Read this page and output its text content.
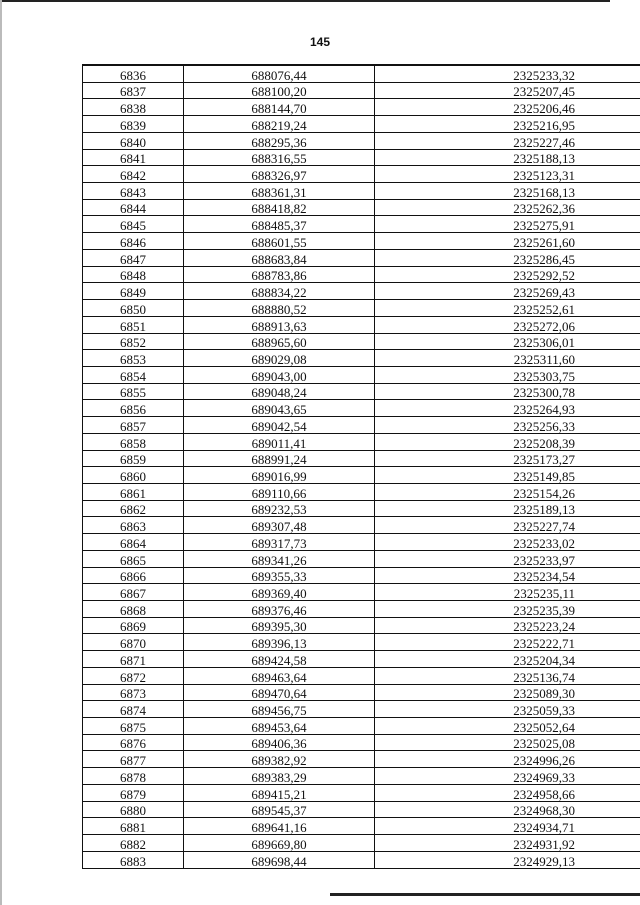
145
6836	688076,44	2325233,32
6837	688100,20	2325207,45
6838	688144,70	2325206,46
6839	688219,24	2325216,95
6840	688295,36	2325227,46
6841	688316,55	2325188,13
6842	688326,97	2325123,31
6843	688361,31	2325168,13
6844	688418,82	2325262,36
6845	688485,37	2325275,91
6846	688601,55	2325261,60
6847	688683,84	2325286,45
6848	688783,86	2325292,52
6849	688834,22	2325269,43
6850	688880,52	2325252,61
6851	688913,63	2325272,06
6852	688965,60	2325306,01
6853	689029,08	2325311,60
6854	689043,00	2325303,75
6855	689048,24	2325300,78
6856	689043,65	2325264,93
6857	689042,54	2325256,33
6858	689011,41	2325208,39
6859	688991,24	2325173,27
6860	689016,99	2325149,85
6861	689110,66	2325154,26
6862	689232,53	2325189,13
6863	689307,48	2325227,74
6864	689317,73	2325233,02
6865	689341,26	2325233,97
6866	689355,33	2325234,54
6867	689369,40	2325235,11
6868	689376,46	2325235,39
6869	689395,30	2325223,24
6870	689396,13	2325222,71
6871	689424,58	2325204,34
6872	689463,64	2325136,74
6873	689470,64	2325089,30
6874	689456,75	2325059,33
6875	689453,64	2325052,64
6876	689406,36	2325025,08
6877	689382,92	2324996,26
6878	689383,29	2324969,33
6879	689415,21	2324958,66
6880	689545,37	2324968,30
6881	689641,16	2324934,71
6882	689669,80	2324931,92
6883	689698,44	2324929,13
